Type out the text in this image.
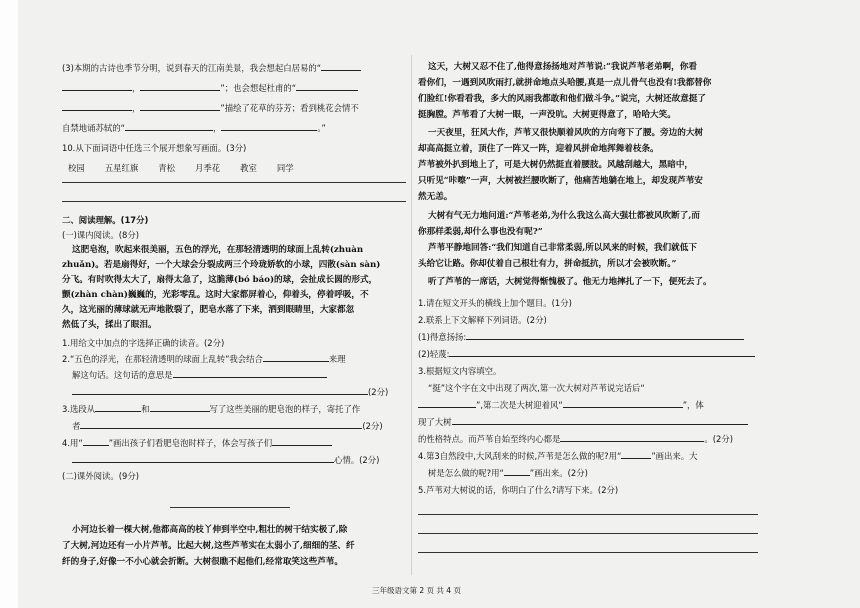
(3)本期的古诗也季节分明，说到春天的江南美景，我会想起白居易的“
，	”；也会想起杜甫的“
，	”描绘了花草的芬芳；看到桃花会情不
自禁地诵苏轼的“	，	。”
10.从下面词语中任选三个展开想象写画面。(3分)
校园 五星红旗 青松 月季花 教室 同学
二、阅读理解。(17分)
(一)课内阅读。(8分)
这肥皂泡，吹起来很美丽，五色的浮光，在那轻清透明的球面上乱转(zhuàn
zhuǎn)。若是扇得好，一个大球会分裂成两三个玲珑娇软的小球，四散(sàn sàn)
分飞。有时吹得太大了，扇得太急了，这脆薄(bó báo)的球，会扯成长圆的形式，
颤(zhàn chàn)巍巍的，光彩零乱。这时大家都屏着心，仰着头，停着呼吸，不
久，这光丽的薄球就无声地散裂了，肥皂水落了下来，洒到眼睛里，大家都忽
然低了头，揉出了眼泪。
1.用给文中加点的字选择正确的读音。(2分)
2.“五色的浮光，在那轻清透明的球面上乱转”我会结合	来理
解这句话。这句话的意思是
(2分)
3.选段从	和	写了这些美丽的肥皂泡的样子，寄托了作
者	(2分)
4.用“	”画出孩子们看肥皂泡时样子，体会写孩子们
心情。(2分)
(二)课外阅读。(9分)
小河边长着一棵大树,他都高高的枝丫伸到半空中,粗壮的树干结实极了,除
了大树,河边还有一小片芦苇。比起大树,这些芦苇实在太弱小了,细细的茎、纤
纤的身子,好像一不小心就会折断。大树很瞧不起他们,经常取笑这些芦苇。
这天，大树又忍不住了,他得意扬扬地对芦苇说:“我说芦苇老弟啊，你看
看你们，一遇到风吹雨打,就拼命地点头哈腰,真是一点儿骨气也没有!我都替你
们脸红!你看看我，多大的风雨我都敢和他们做斗争。”说完，大树还故意挺了
挺胸膛。芦苇看了大树一眼，一声没吭。大树更得意了，哈哈大笑。
一天夜里，狂风大作，芦苇又很快顺着风吹的方向弯下了腰。旁边的大树
却高高挺立着，顶住了一阵又一阵，迎着风拼命地挥舞着枝条。
芦苇被外扒到地上了，可是大树仍然挺直着腰肢。风越刮越大，黑暗中，
只听见“咔嚓”一声，大树被拦腰吹断了，他痛苦地躺在地上，却发现芦苇安
然无恙。
大树有气无力地问道:“芦苇老弟,为什么我这么高大强壮都被风吹断了,而
你那样柔弱,却什么事也没有呢?”
芦苇平静地回答:“我们知道自己非常柔弱,所以风来的时候，我们就低下
头给它让路。你却仗着自己根壮有力，拼命抵抗，所以才会被吹断。”
听了芦苇的一席话，大树觉得惭愧极了。他无力地摔扎了一下，便死去了。
1.请在短文开头的横线上加个题目。(1分)
2.联系上下文解释下列词语。(2分)
(1)得意扬扬:
(2)轻蔑:
3.根据短文内容填空。
“挺”这个字在文中出现了两次,第一次大树对芦苇说完话后“
”,第二次是大树迎着风“	”，体
现了大树
的性格特点。而芦苇自始至终内心都是	。(2分)
4.第3自然段中,大风刮来的时候,芦苇是怎么做的呢?用“	”画出来。大
树是怎么做的呢?用“	”画出来。(2分)
5.芦苇对大树说的话，你明白了什么?请写下来。(2分)
三年级语文第 2 页 共 4 页
